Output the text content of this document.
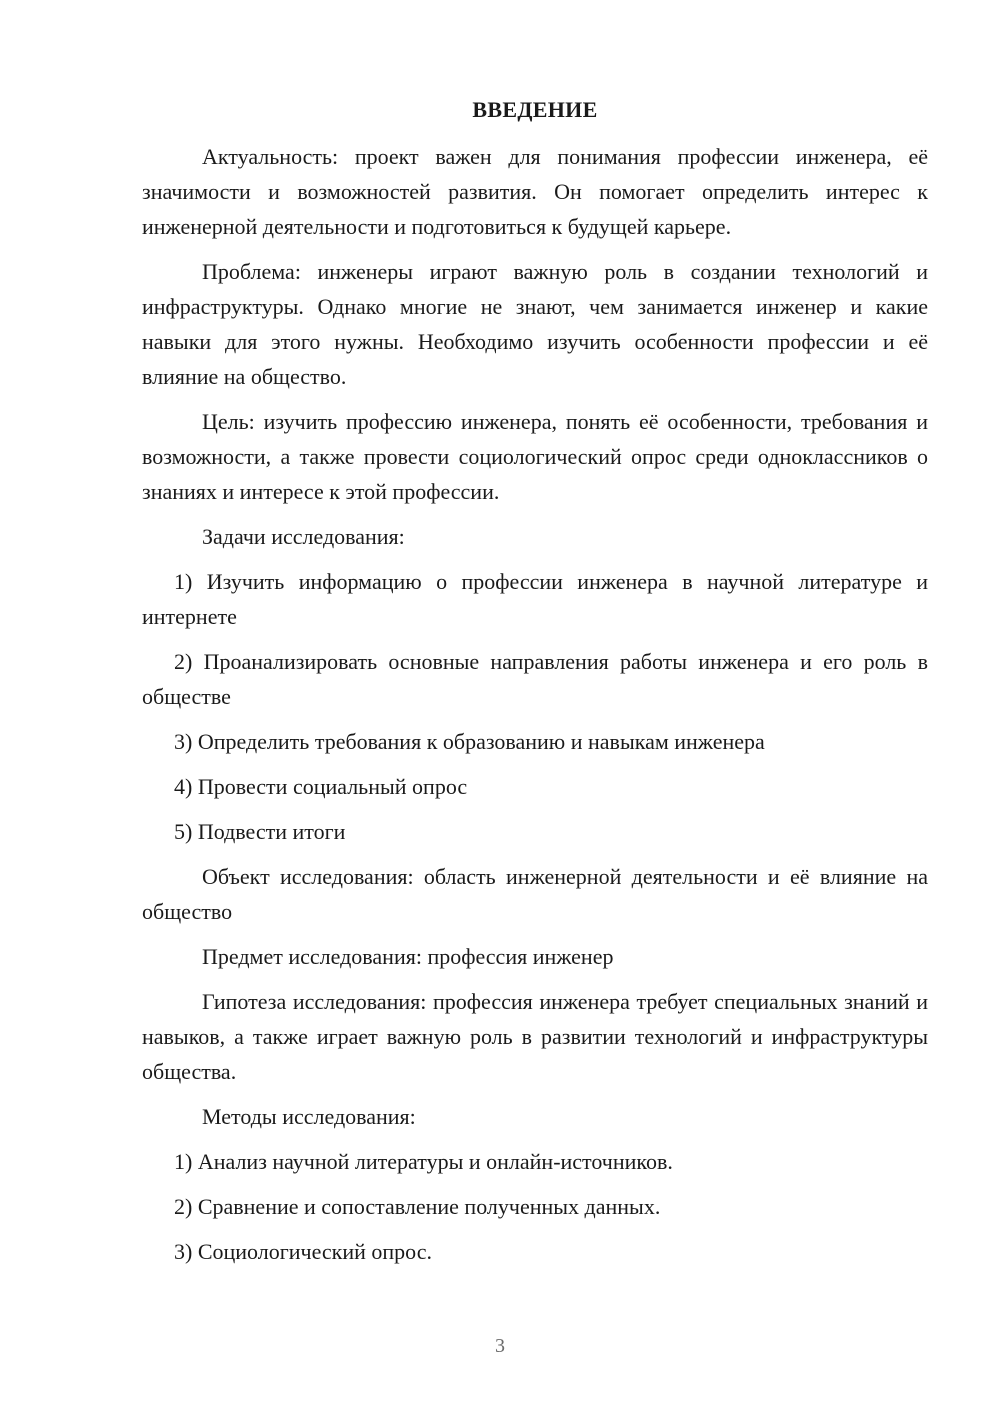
ВВЕДЕНИЕ

Актуальность: проект важен для понимания профессии инженера, её значимости и возможностей развития. Он помогает определить интерес к инженерной деятельности и подготовиться к будущей карьере.

Проблема: инженеры играют важную роль в создании технологий и инфраструктуры. Однако многие не знают, чем занимается инженер и какие навыки для этого нужны. Необходимо изучить особенности профессии и её влияние на общество.

Цель: изучить профессию инженера, понять её особенности, требования и возможности, а также провести социологический опрос среди одноклассников о знаниях и интересе к этой профессии.

Задачи исследования:

1) Изучить информацию о профессии инженера в научной литературе и интернете

2) Проанализировать основные направления работы инженера и его роль в обществе

3) Определить требования к образованию и навыкам инженера

4) Провести социальный опрос

5) Подвести итоги

Объект исследования: область инженерной деятельности и её влияние на общество

Предмет исследования: профессия инженер

Гипотеза исследования: профессия инженера требует специальных знаний и навыков, а также играет важную роль в развитии технологий и инфраструктуры общества.

Методы исследования:

1) Анализ научной литературы и онлайн-источников.

2) Сравнение и сопоставление полученных данных.

3) Социологический опрос.

3
